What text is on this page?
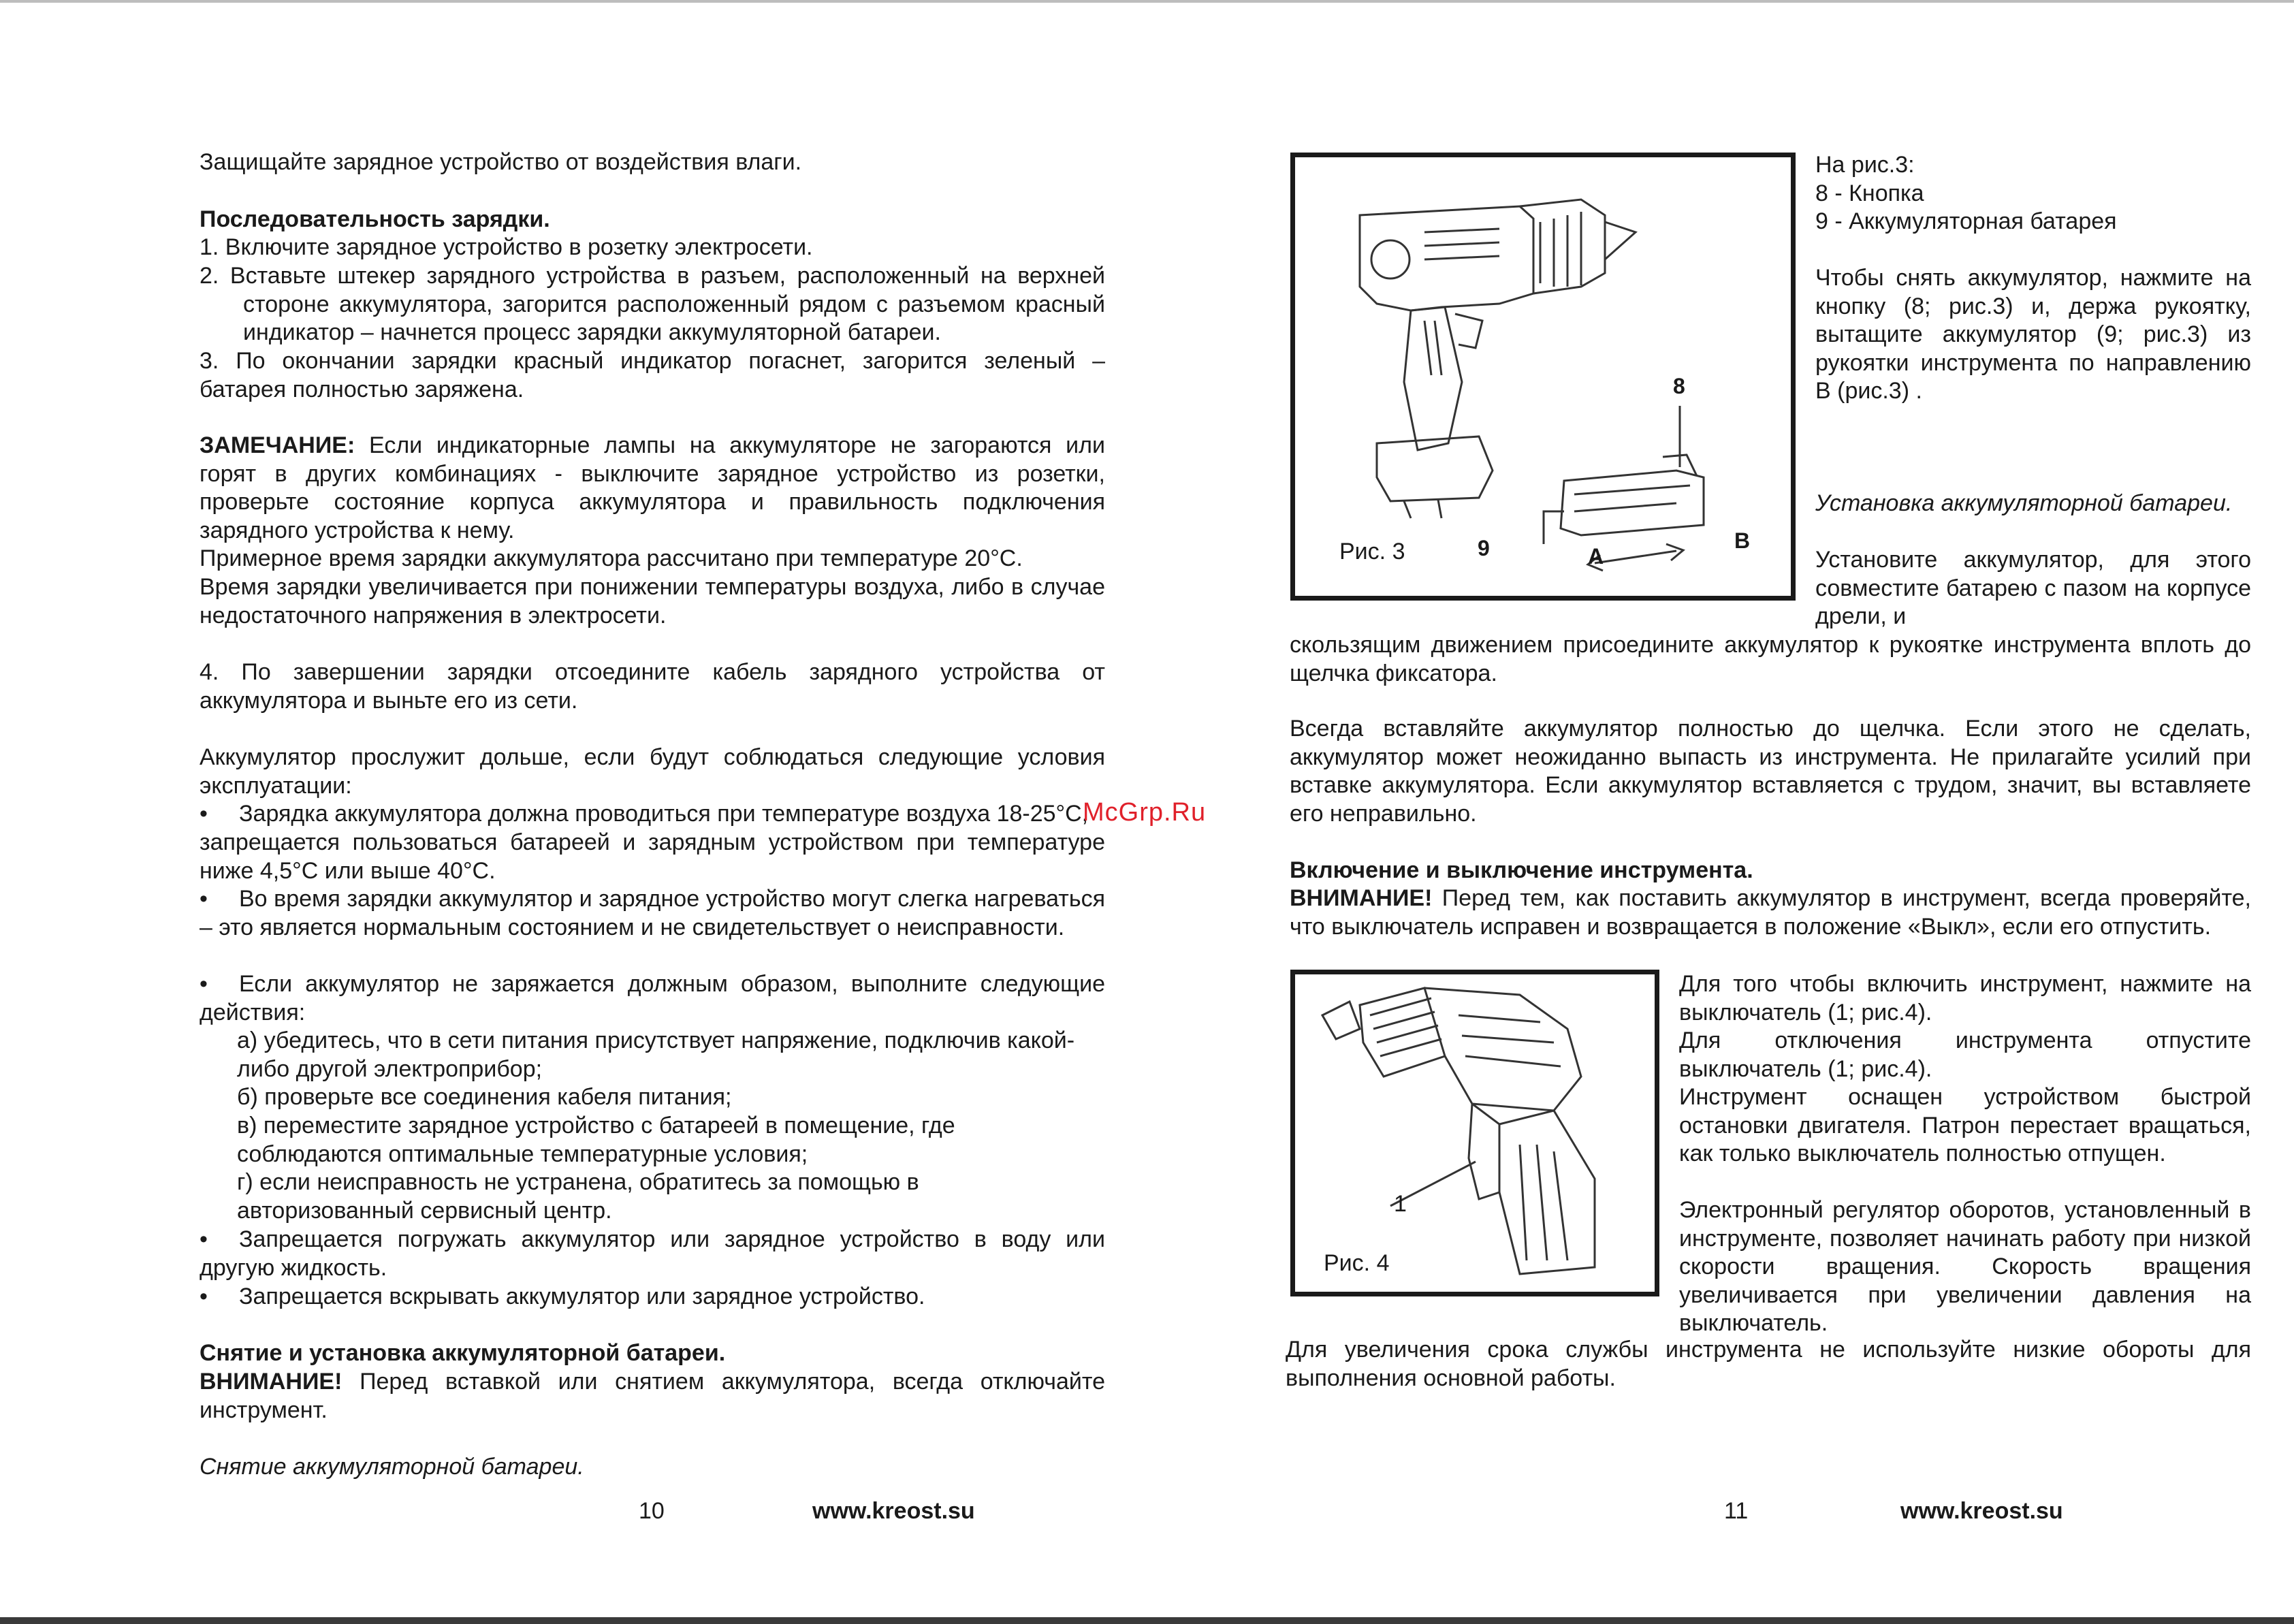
Защищайте зарядное устройство от воздействия влаги.

Последовательность зарядки.

1. Включите зарядное устройство в розетку электросети.

2. Вставьте штекер зарядного устройства в разъем, расположенный на верхней

стороне аккумулятора, загорится расположенный рядом с разъемом красный

индикатор – начнется процесс зарядки аккумуляторной батареи.

3. По окончании зарядки красный индикатор погаснет, загорится зеленый –

батарея полностью заряжена.

ЗАМЕЧАНИЕ: Если индикаторные лампы на аккумуляторе не загораются или горят в других комбинациях - выключите зарядное устройство из розетки, проверьте состояние корпуса аккумулятора и правильность подключения зарядного устройства к нему.

Примерное время зарядки аккумулятора рассчитано при температуре 20°С.

Время зарядки увеличивается при понижении температуры воздуха, либо в случае недостаточного напряжения в электросети.

4. По завершении зарядки отсоедините кабель зарядного устройства от аккумулятора и выньте его из сети.

Аккумулятор прослужит дольше, если будут соблюдаться следующие условия эксплуатации:

• Зарядка аккумулятора должна проводиться при температуре воздуха 18-25°С,

запрещается пользоваться батареей и зарядным устройством при температуре ниже 4,5°С или выше 40°С.

• Во время зарядки аккумулятор и зарядное устройство могут слегка нагреваться – это является нормальным состоянием и не свидетельствует о неисправности.

• Если аккумулятор не заряжается должным образом, выполните следующие действия:

а) убедитесь, что в сети питания присутствует напряжение, подключив какой-либо другой электроприбор;

б) проверьте все соединения кабеля питания;

в) переместите зарядное устройство с батареей в помещение, где соблюдаются оптимальные температурные условия;

г) если неисправность не устранена, обратитесь за помощью в авторизованный сервисный центр.

• Запрещается погружать аккумулятор или зарядное устройство в воду или другую жидкость.

• Запрещается вскрывать аккумулятор или зарядное устройство.

Снятие и установка аккумуляторной батареи.

ВНИМАНИЕ! Перед вставкой или снятием аккумулятора, всегда отключайте инструмент.

Снятие аккумуляторной батареи.

10	www.kreost.su
McGrp.Ru
Рис. 3
8
9	A
B

На рис.3:

8 - Кнопка

9 - Аккумуляторная батарея

Чтобы снять аккумулятор, нажмите на кнопку (8; рис.3) и, держа рукоятку, вытащите аккумулятор (9; рис.3) из рукоятки инструмента по направлению В (рис.3) .

Установка аккумуляторной батареи.

Установите аккумулятор, для этого совместите батарею с пазом на корпусе дрели, и

скользящим движением присоедините аккумулятор к рукоятке инструмента вплоть до щелчка фиксатора.

Всегда вставляйте аккумулятор полностью до щелчка. Если этого не сделать, аккумулятор может неожиданно выпасть из инструмента. Не прилагайте усилий при вставке аккумулятора. Если аккумулятор вставляется с трудом, значит, вы вставляете его неправильно.

Включение и выключение инструмента.

ВНИМАНИЕ! Перед тем, как поставить аккумулятор в инструмент, всегда проверяйте, что выключатель исправен и возвращается в положение «Выкл», если его отпустить.

Рис. 4
1

Для того чтобы включить инструмент, нажмите на выключатель (1; рис.4).

Для отключения инструмента отпустите выключатель (1; рис.4).

Инструмент оснащен устройством быстрой остановки двигателя. Патрон перестает вращаться, как только выключатель полностью отпущен.

Электронный регулятор оборотов, установленный в инструменте, позволяет начинать работу при низкой скорости вращения. Скорость вращения увеличивается при увеличении давления на выключатель.

Для увеличения срока службы инструмента не используйте низкие обороты для выполнения основной работы.

11	www.kreost.su
